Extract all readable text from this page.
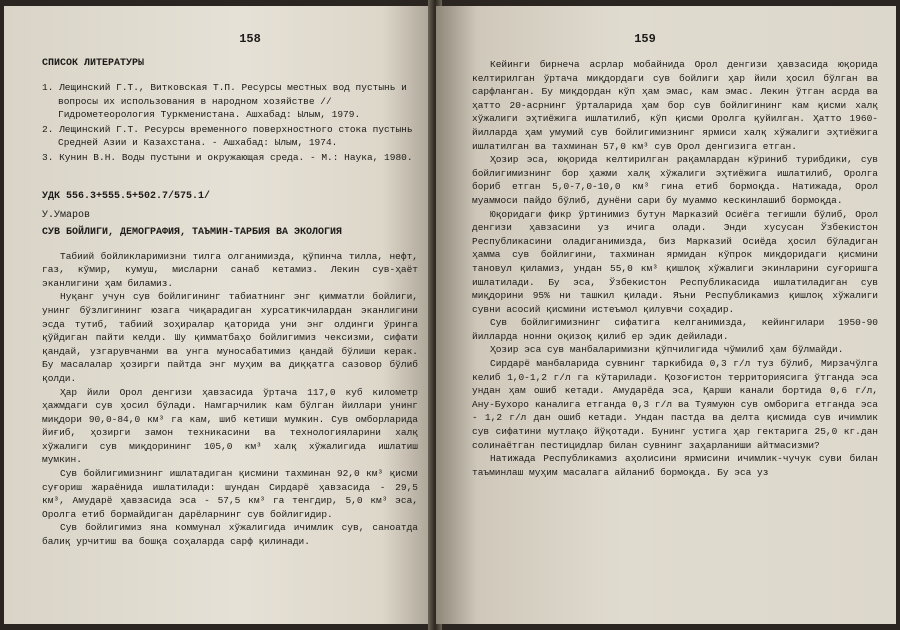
158
СПИСОК ЛИТЕРАТУРЫ
1. Лещинский Г.Т., Витковская Т.П. Ресурсы местных вод пустынь и вопросы их использования в народном хозяйстве // Гидрометеорология Туркменистана. Ашхабад: Ылым, 1979.
2. Лещинский Г.Т. Ресурсы временного поверхностного стока пустынь Средней Азии и Казахстана. - Ашхабад: Ылым, 1974.
3. Кунин В.Н. Воды пустыни и окружающая среда. - М.: Наука, 1980.
УДК 556.3+555.5+502.7/575.1/
У.Умаров
СУВ БОЙЛИГИ, ДЕМОГРАФИЯ, ТАЪМИН-ТАРБИЯ ВА ЭКОЛОГИЯ

Табиий бойликларимизни тилга олганимизда, қўпинча тилла, нефт, газ, кўмир, кумуш, мисларни санаб кетамиз. Лекин сув-ҳаёт эканлигини ҳам биламиз.

Нуқанг учун сув бойлигининг табиатнинг энг қимматли бойлиги, унинг бўзлигининг юзага чиқарадиган хурсатикчилардан эканлигини эсда тутиб, табиий зоҳиралар қаторида уни энг олдинги ўринга қўйдиган пайти келди. Шу қимматбаҳо бойлигимиз чексизми, сифати қандай, узгарувчанми ва унга муносабатимиз қандай бўлиши керак. Бу масалалар ҳозирги пайтда энг муҳим ва диққатга сазовор бўлиб қолди.

Ҳар йили Орол денгизи ҳавзасида ўртача 117,0 куб километр ҳажмдаги сув ҳосил бўлади. Намгарчилик кам бўлган йиллари унинг миқдори 90,0-84,0 км³ га кам, шиб кетиши мумкин. Сув омборларида йиғиб, ҳозирги замон техникасини ва технологияларини халқ хўжалиги сув миқдорининг 105,0 км³ халқ хўжалигида ишлатиш мумкин.

Сув бойлигимизнинг ишлатадиган қисмини тахминан 92,0 км³ қисми суғориш жараёнида ишлатилади: шундан Сирдарё ҳавзасида - 29,5 км³, Амударё ҳавзасида эса - 57,5 км³ га тенгдир, 5,0 км³ эса, Оролга етиб бормайдиган дарёларнинг сув бойлигидир.

Сув бойлигимиз яна коммунал хўжалигида ичимлик сув, саноатда балиқ урчитиш ва бошқа соҳаларда сарф қилинади.

159

Кейинги бирнеча асрлар мобайнида Орол денгизи ҳавзасида юқорида келтирилган ўртача миқдордаги сув бойлиги ҳар йили ҳосил бўлган ва сарфланган. Бу миқдордан кўп ҳам эмас, кам эмас. Лекин ўтган асрда ва ҳатто 20-асрнинг ўрталарида ҳам бор сув бойлигининг кам қисми халқ хўжалиги эҳтиёжига ишлатилиб, кўп қисми Оролга қуйилган. Ҳатто 1960-йилларда ҳам умумий сув бойлигимизнинг ярмиси халқ хўжалиги эҳтиёжига ишлатилган ва тахминан 57,0 км³ сув Орол денгизига етган.

Ҳозир эса, юқорида келтирилган рақамлардан кўриниб турибдики, сув бойлигимизнинг бор ҳажми халқ хўжалиги эҳтиёжига ишлатилиб, Оролга бориб етган 5,0-7,0-10,0 км³ гина етиб бормоқда. Натижада, Орол муаммоси пайдо бўлиб, дунёни сари бу муаммо кескинлашиб бормоқда.

Юқоридаги фикр ўртинимиз бутун Марказий Осиёга тегишли бўлиб, Орол денгизи ҳавзасини уз ичига олади. Энди хусусан Ўзбекистон Республикасини оладиганимизда, биз Марказий Осиёда ҳосил бўладиган ҳамма сув бойлигини, тахминан ярмидан кўпрок миқдоридаги қисмини тановул қиламиз, ундан 55,0 км³ қишлоқ хўжалиги экинларини суғоришга ишлатилади. Бу эса, Ўзбекистон Республикасида ишлатиладиган сув миқдорини 95% ни ташкил қилади. Яъни Республикамиз қишлоқ хўжалиги сувни асосий қисмини истеъмол қилувчи соҳадир.

Сув бойлигимизнинг сифатига келганимизда, кейингилари 1950-90 йилларда нонни оқизоқ қилиб ер эдик дейилади.

Ҳозир эса сув манбаларимизни қўпчилигида чўмилиб ҳам бўлмайди.

Сирдарё манбаларида сувнинг таркибида 0,3 г/л туз бўлиб, Мирзачўлга келиб 1,0-1,2 г/л га кўтарилади. Қозоғистон территориясига ўтганда эса ундан ҳам ошиб кетади. Амударёда эса, Қарши канали бортида 0,6 г/л, Ану-Бухоро каналига етганда 0,3 г/л ва Туямуюн сув омборига етганда эса - 1,2 г/л дан ошиб кетади. Ундан пастда ва делта қисмида сув ичимлик сув сифатини мутлақо йўқотади. Бунинг устига ҳар гектарига 25,0 кг.дан солинаётган пестицидлар билан сувнинг заҳарланиши айтмасизми?

Натижада Республикамиз аҳолисини ярмисини ичимлик-чучук суви билан таъминлаш муҳим масалага айланиб бормоқда. Бу эса уз
